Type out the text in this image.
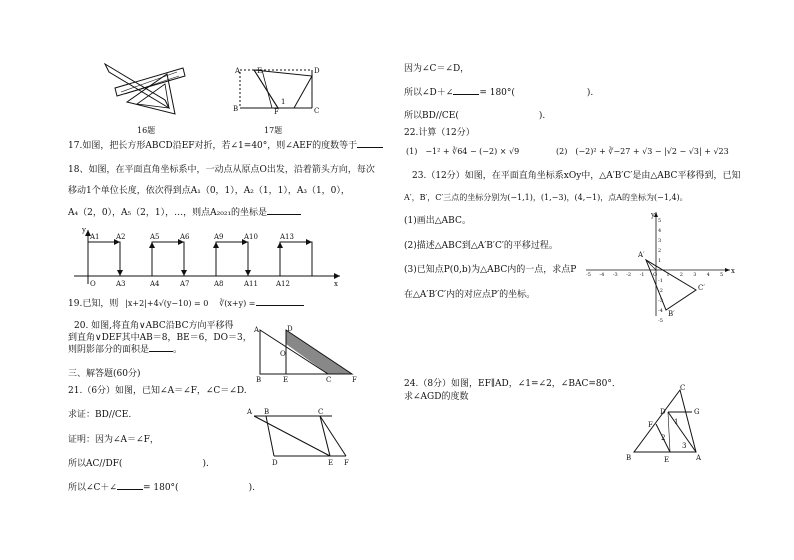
16题
A E	D
B	F	C
1
17题
17.如图，把长方形ABCD沿EF对折，若∠1=40°，则∠AEF的度数等于
18、如图，在平面直角坐标系中，一动点从原点O出发，沿着箭头方向，每次
移动1个单位长度，依次得到点A₁（0，1），A₂（1，1），A₃（1，0），
A₄（2，0），A₅（2，1），…，则点A₂₀₂₁的坐标是
y
x
A1 A2	A5	A6	A9	A10	A13
O	A3	A4	A7	A8	A11	A12
19.已知，则 |x+2|+4√(y−10) = 0 ∛(x+y) =
20. 如图,将直角∨ABC沿BC方向平移得
到直角∨DEF其中AB＝8，BE＝6，DO＝3，
则阴影部分的面积是	。
A	D
O
B	E	C	F
三、解答题(60分)
21.（6分）如图，已知∠A＝∠F，∠C＝∠D.
求证：BD//CE.
证明：因为∠A＝∠F，
所以AC//DF(	).
所以∠C＋∠	= 180°(	).
A B	C
D	E F
因为∠C＝∠D，
所以∠D＋∠	= 180°(	).
所以BD//CE(	).
22.计算（12分）
(1)　−1² + ∛64 − (−2) × √9	(2)　(−2)² + ∛−27 + √3 − |√2 − √3| + √23
23.（12分）如图，在平面直角坐标系xOy中，△A′B′C′是由△ABC平移得到，已知
A′，B′，C′三点的坐标分别为(−1,1)，(1,−3)，(4,−1)，点A的坐标为(−1,4)。
(1)画出△ABC。
(2)描述△ABC到△A′B′C′的平移过程。
(3)已知点P(0,b)为△ABC内的一点，求点P
在△A′B′C′内的对应点P′的坐标。
x
y
-5 -4 -3 -2 -1 O 1 2 3 4 5
5
4
3
2
1
-1
-2
-3
-4
-5
A′
B′
C′
24.（8分）如图，EF∥AD，∠1=∠2，∠BAC=80°．
求∠AGD的度数
C
D	G
F	1
2
3
B	E	A
